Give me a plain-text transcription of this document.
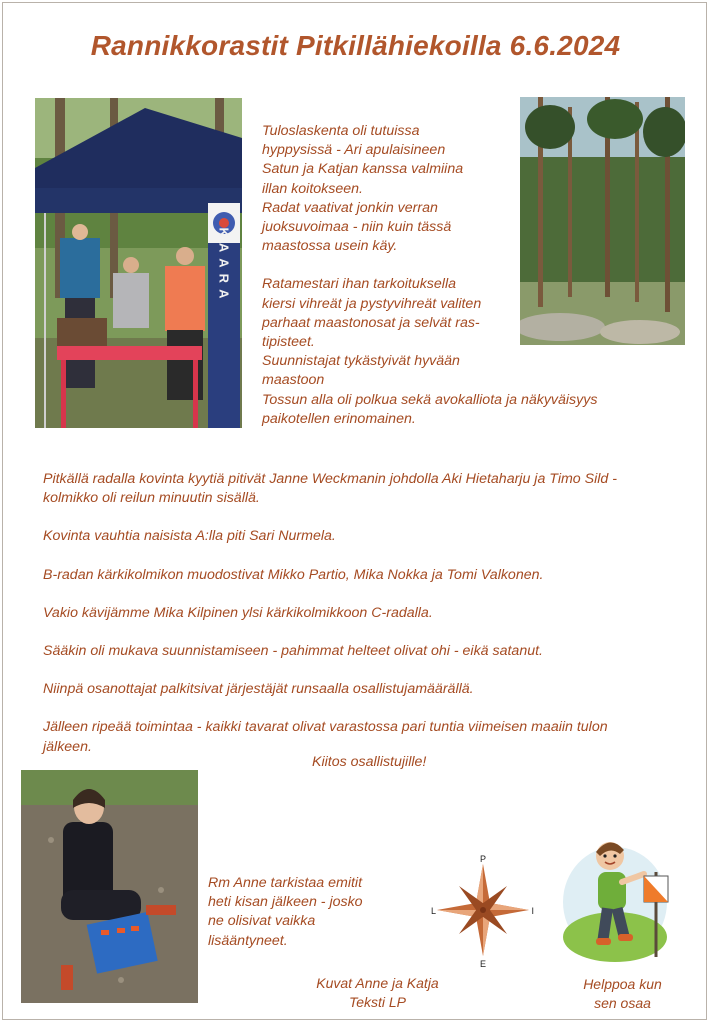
Rannikkorastit Pitkillähiekoilla 6.6.2024
KAARA

Tuloslaskenta oli tutuissa

hyppysissä - Ari apulaisineen

Satun ja Katjan kanssa valmiina

illan koitokseen.

Radat vaativat jonkin verran

juoksuvoimaa - niin kuin tässä

maastossa usein käy.

Ratamestari ihan tarkoituksella

kiersi vihreät ja pystyvihreät valiten

parhaat maastonosat ja selvät ras-

tipisteet.

Suunnistajat tykästyivät hyvään

maastoon

Tossun alla oli polkua sekä avokalliota ja näkyväisyys

paikotellen erinomainen.

Pitkällä radalla kovinta kyytiä pitivät Janne Weckmanin johdolla Aki Hietaharju ja Timo Sild -

kolmikko oli reilun minuutin sisällä.

Kovinta vauhtia naisista A:lla piti Sari Nurmela.

B-radan kärkikolmikon muodostivat Mikko Partio, Mika Nokka ja Tomi Valkonen.

Vakio kävijämme Mika Kilpinen ylsi kärkikolmikkoon C-radalla.

Sääkin oli mukava suunnistamiseen - pahimmat helteet olivat ohi - eikä satanut.

Niinpä osanottajat palkitsivat järjestäjät runsaalla osallistujamäärällä.

Jälleen ripeää toimintaa - kaikki tavarat olivat varastossa pari tuntia viimeisen maaiin tulon

jälkeen.

Kiitos osallistujille!

Rm Anne tarkistaa emitit

heti kisan jälkeen - josko

ne olisivat vaikka

lisääntyneet.

Kuvat Anne ja Katja

Teksti LP

P
E
L	I

Helppoa kun

sen osaa
